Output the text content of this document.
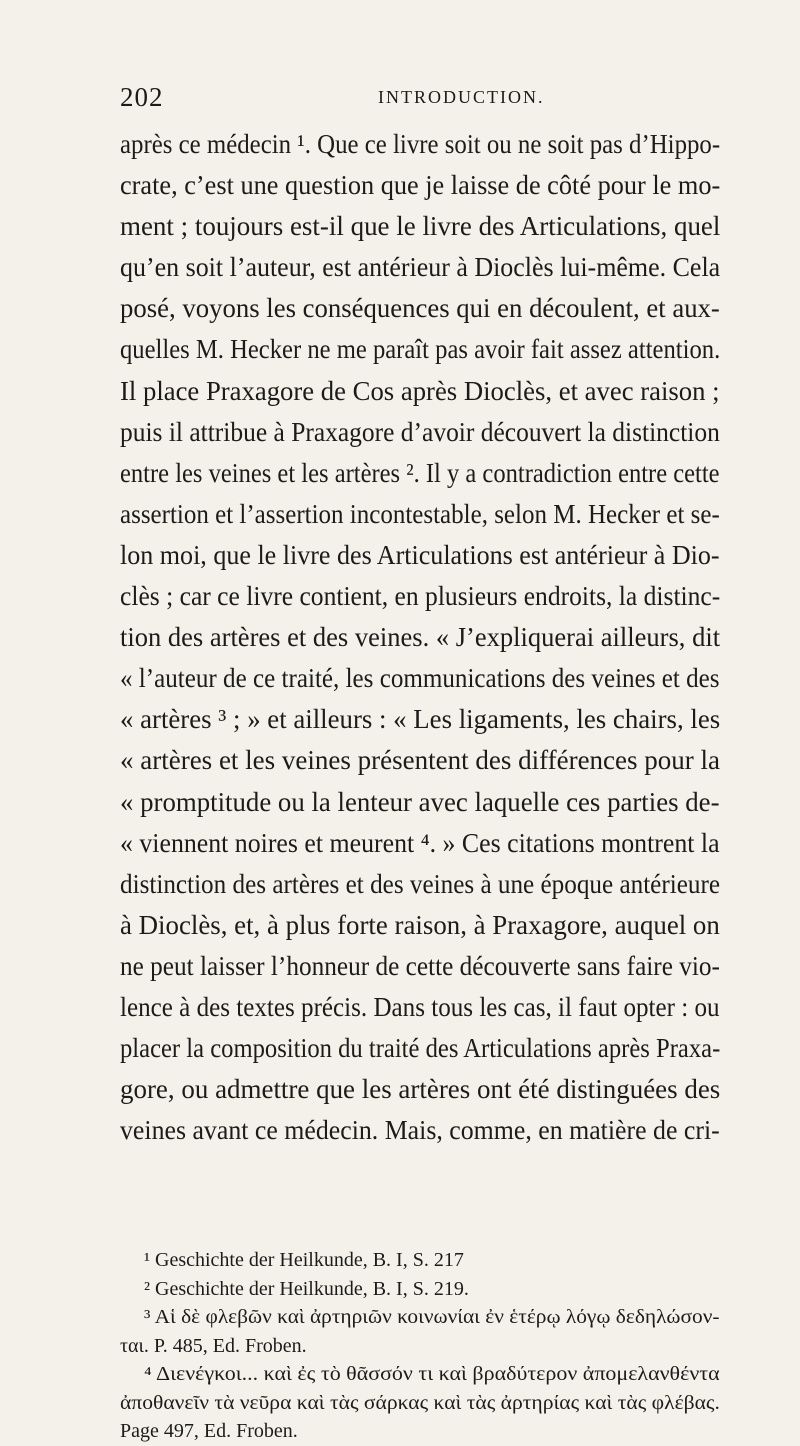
202	INTRODUCTION.
après ce médecin ¹. Que ce livre soit ou ne soit pas d’Hippo-
crate, c’est une question que je laisse de côté pour le mo-
ment ; toujours est-il que le livre des Articulations, quel
qu’en soit l’auteur, est antérieur à Dioclès lui-même. Cela
posé, voyons les conséquences qui en découlent, et aux-
quelles M. Hecker ne me paraît pas avoir fait assez attention.
Il place Praxagore de Cos après Dioclès, et avec raison ;
puis il attribue à Praxagore d’avoir découvert la distinction
entre les veines et les artères ². Il y a contradiction entre cette
assertion et l’assertion incontestable, selon M. Hecker et se-
lon moi, que le livre des Articulations est antérieur à Dio-
clès ; car ce livre contient, en plusieurs endroits, la distinc-
tion des artères et des veines. « J’expliquerai ailleurs, dit
« l’auteur de ce traité, les communications des veines et des
« artères ³ ; » et ailleurs : « Les ligaments, les chairs, les
« artères et les veines présentent des différences pour la
« promptitude ou la lenteur avec laquelle ces parties de-
« viennent noires et meurent ⁴. » Ces citations montrent la
distinction des artères et des veines à une époque antérieure
à Dioclès, et, à plus forte raison, à Praxagore, auquel on
ne peut laisser l’honneur de cette découverte sans faire vio-
lence à des textes précis. Dans tous les cas, il faut opter : ou
placer la composition du traité des Articulations après Praxa-
gore, ou admettre que les artères ont été distinguées des
veines avant ce médecin. Mais, comme, en matière de cri-
¹ Geschichte der Heilkunde, B. I, S. 217
² Geschichte der Heilkunde, B. I, S. 219.
³ Αἱ δὲ φλεβῶν καὶ ἀρτηριῶν κοινωνίαι ἐν ἑτέρῳ λόγῳ δεδηλώσον-
ται. P. 485, Ed. Froben.
⁴ Διενέγκοι... καὶ ἐς τὸ θᾶσσόν τι καὶ βραδύτερον ἀπομελανθέντα
ἀποθανεῖν τὰ νεῦρα καὶ τὰς σάρκας καὶ τὰς ἀρτηρίας καὶ τὰς φλέβας.
Page 497, Ed. Froben.
